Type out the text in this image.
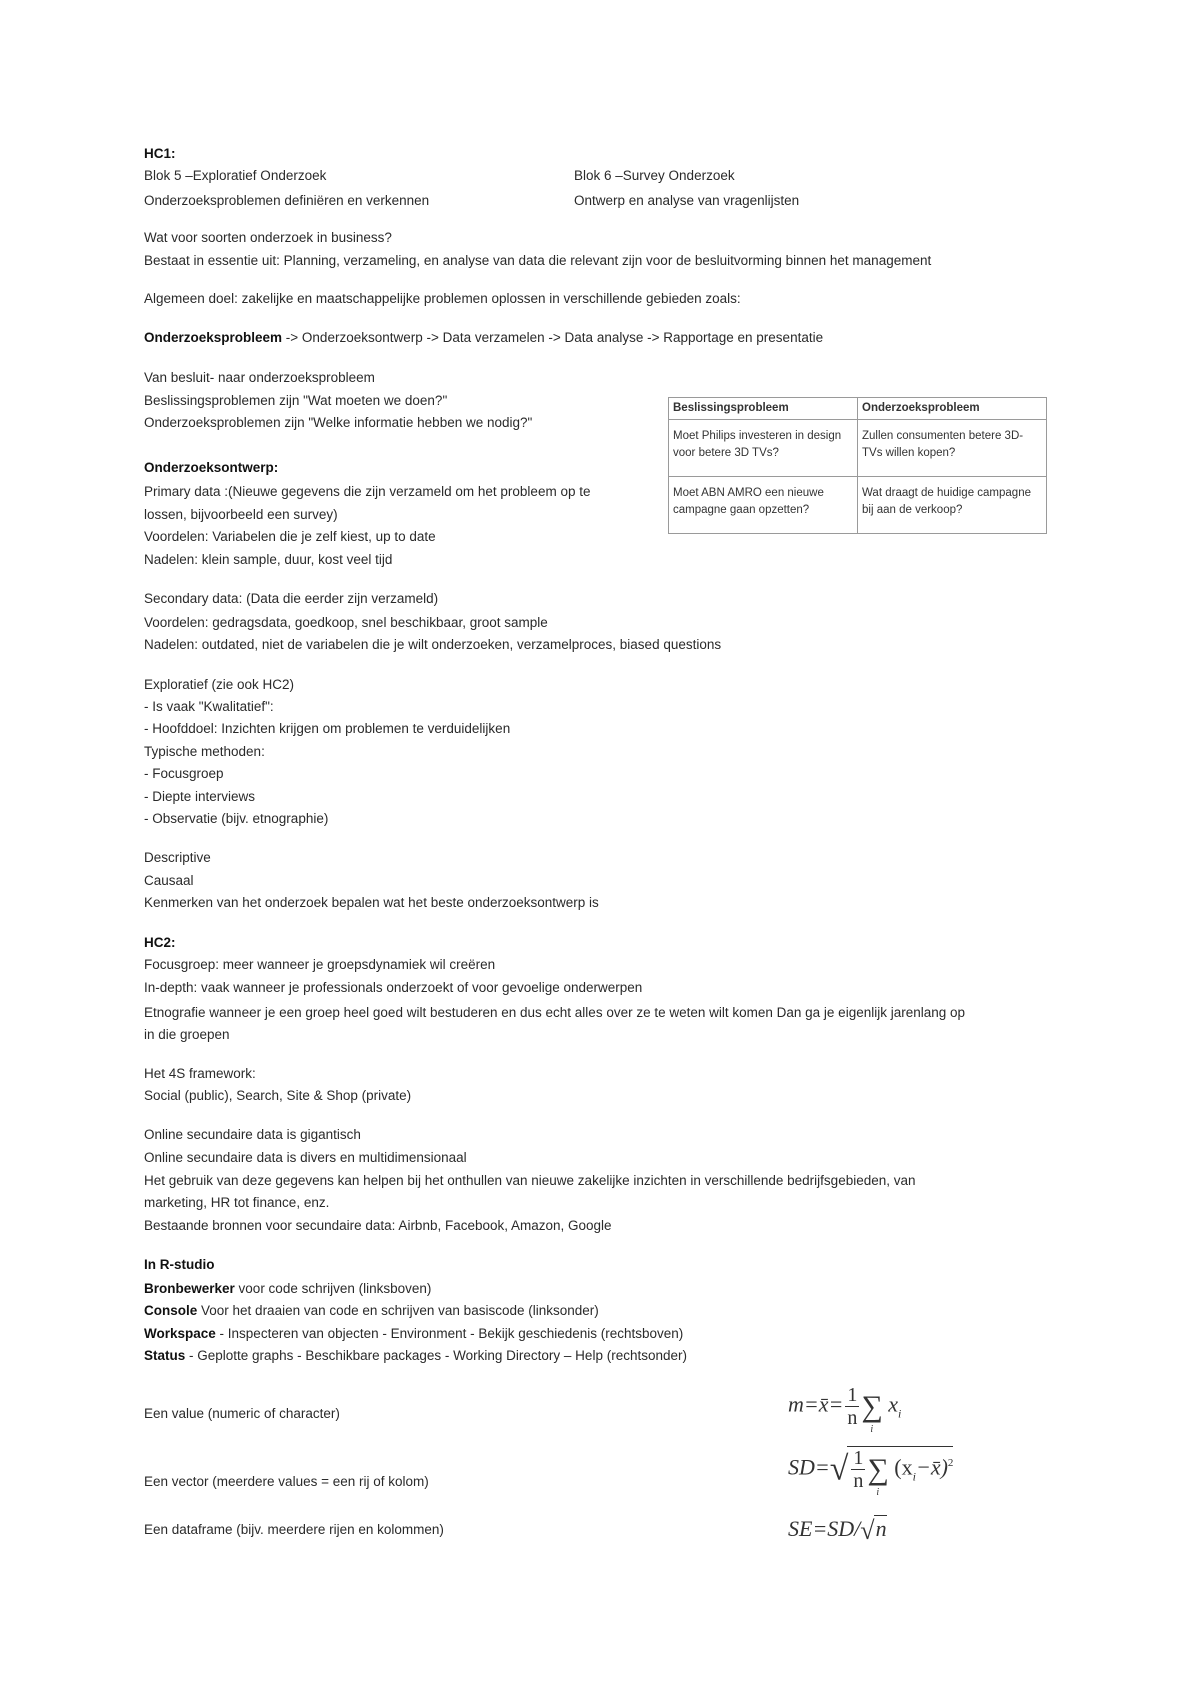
HC1:
Blok 5 –Exploratief Onderzoek	Blok 6 –Survey Onderzoek
Onderzoeksproblemen definiëren en verkennen	Ontwerp en analyse van vragenlijsten
Wat voor soorten onderzoek in business?
Bestaat in essentie uit: Planning, verzameling, en analyse van data die relevant zijn voor de besluitvorming binnen het management
Algemeen doel: zakelijke en maatschappelijke problemen oplossen in verschillende gebieden zoals:
Onderzoeksprobleem -> Onderzoeksontwerp -> Data verzamelen -> Data analyse -> Rapportage en presentatie
Van besluit- naar onderzoeksprobleem
Beslissingsproblemen zijn "Wat moeten we doen?"
Onderzoeksproblemen zijn "Welke informatie hebben we nodig?"
Beslissingsprobleem	Onderzoeksprobleem
Moet Philips investeren in design voor betere 3D TVs?	Zullen consumenten betere 3D-TVs willen kopen?
Moet ABN AMRO een nieuwe campagne gaan opzetten?	Wat draagt de huidige campagne bij aan de verkoop?
Onderzoeksontwerp:
Primary data :(Nieuwe gegevens die zijn verzameld om het probleem op te
lossen, bijvoorbeeld een survey)
Voordelen: Variabelen die je zelf kiest, up to date
Nadelen: klein sample, duur, kost veel tijd
Secondary data: (Data die eerder zijn verzameld)
Voordelen: gedragsdata, goedkoop, snel beschikbaar, groot sample
Nadelen: outdated, niet de variabelen die je wilt onderzoeken, verzamelproces, biased questions
Exploratief (zie ook HC2)
- Is vaak "Kwalitatief":
- Hoofddoel: Inzichten krijgen om problemen te verduidelijken
Typische methoden:
- Focusgroep
- Diepte interviews
- Observatie (bijv. etnographie)
Descriptive
Causaal
Kenmerken van het onderzoek bepalen wat het beste onderzoeksontwerp is
HC2:
Focusgroep: meer wanneer je groepsdynamiek wil creëren
In-depth: vaak wanneer je professionals onderzoekt of voor gevoelige onderwerpen
Etnografie wanneer je een groep heel goed wilt bestuderen en dus echt alles over ze te weten wilt komen Dan ga je eigenlijk jarenlang op
in die groepen
Het 4S framework:
Social (public), Search, Site & Shop (private)
Online secundaire data is gigantisch
Online secundaire data is divers en multidimensionaal
Het gebruik van deze gegevens kan helpen bij het onthullen van nieuwe zakelijke inzichten in verschillende bedrijfsgebieden, van
marketing, HR tot finance, enz.
Bestaande bronnen voor secundaire data: Airbnb, Facebook, Amazon, Google
In R-studio
Bronbewerker voor code schrijven (linksboven)
Console Voor het draaien van code en schrijven van basiscode (linksonder)
Workspace - Inspecteren van objecten - Environment - Bekijk geschiedenis (rechtsboven)
Status - Geplotte graphs - Beschikbare packages - Working Directory – Help (rechtsonder)
Een value (numeric of character)
Een vector (meerdere values = een rij of kolom)
Een dataframe (bijv. meerdere rijen en kolommen)
m=x̄= $\frac{1}{n}$ ∑
i
$x_i$
$SD=√ \frac{1}{n}$ ∑
i
$(x_i-x̄)^2$
SE=SD/√n
